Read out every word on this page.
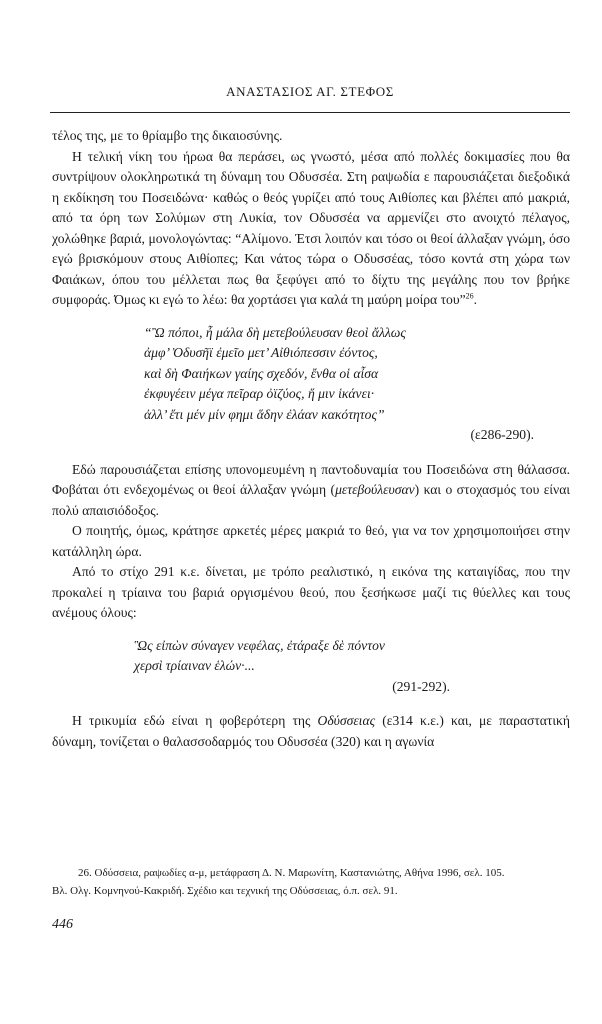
ΑΝΑΣΤΑΣΙΟΣ ΑΓ. ΣΤΕΦΟΣ

τέλος της, με το θρίαμβο της δικαιοσύνης.

Η τελική νίκη του ήρωα θα περάσει, ως γνωστό, μέσα από πολλές δοκιμασίες που θα συντρίψουν ολοκληρωτικά τη δύναμη του Οδυσσέα. Στη ραψωδία ε παρουσιάζεται διεξοδικά η εκδίκηση του Ποσειδώνα· καθώς ο θεός γυρίζει από τους Αιθίοπες και βλέπει από μακριά, από τα όρη των Σολύμων στη Λυκία, τον Οδυσσέα να αρμενίζει στο ανοιχτό πέλαγος, χολώθηκε βαριά, μονολογώντας: “Αλίμονο. Έτσι λοιπόν και τόσο οι θεοί άλλαξαν γνώμη, όσο εγώ βρισκόμουν στους Αιθίοπες; Και νάτος τώρα ο Οδυσσέας, τόσο κοντά στη χώρα των Φαιάκων, όπου του μέλλεται πως θα ξεφύγει από το δίχτυ της μεγάλης που τον βρήκε συμφοράς. Όμως κι εγώ το λέω: θα χορτάσει για καλά τη μαύρη μοίρα του”$^{26}$.

“Ὢ πόποι, ἦ μάλα δὴ μετεβούλευσαν θεοὶ ἄλλως
ἀμφ’ Ὀδυσῆϊ ἐμεῖο μετ’ Αἰθιόπεσσιν ἐόντος,
καὶ δὴ Φαιήκων γαίης σχεδόν, ἔνθα οἱ αἶσα
ἐκφυγέειν μέγα πεῖραρ ὀϊζύος, ἥ μιν ἱκάνει·
ἀλλ’ ἔτι μέν μίν φημι ἅδην ἐλάαν κακότητος”
(ε286-290).

Εδώ παρουσιάζεται επίσης υπονομευμένη η παντοδυναμία του Ποσειδώνα στη θάλασσα. Φοβάται ότι ενδεχομένως οι θεοί άλλαξαν γνώμη (μετεβούλευσαν) και ο στοχασμός του είναι πολύ απαισιόδοξος.

Ο ποιητής, όμως, κράτησε αρκετές μέρες μακριά το θεό, για να τον χρησιμοποιήσει στην κατάλληλη ώρα.

Από το στίχο 291 κ.ε. δίνεται, με τρόπο ρεαλιστικό, η εικόνα της καταιγίδας, που την προκαλεί η τρίαινα του βαριά οργισμένου θεού, που ξεσήκωσε μαζί τις θύελλες και τους ανέμους όλους:

Ὣς εἰπὼν σύναγεν νεφέλας, ἐτάραξε δὲ πόντον
χερσὶ τρίαιναν ἑλών·...
(291-292).

Η τρικυμία εδώ είναι η φοβερότερη της Οδύσσειας (ε314 κ.ε.) και, με παραστατική δύναμη, τονίζεται ο θαλασσοδαρμός του Οδυσσέα (320) και η αγωνία

26. Οδύσσεια, ραψωδίες α-μ, μετάφραση Δ. Ν. Μαρωνίτη, Καστανιώτης, Αθήνα 1996, σελ. 105.

Βλ. Ολγ. Κομνηνού-Κακριδή. Σχέδιο και τεχνική της Οδύσσειας, ό.π. σελ. 91.

446
